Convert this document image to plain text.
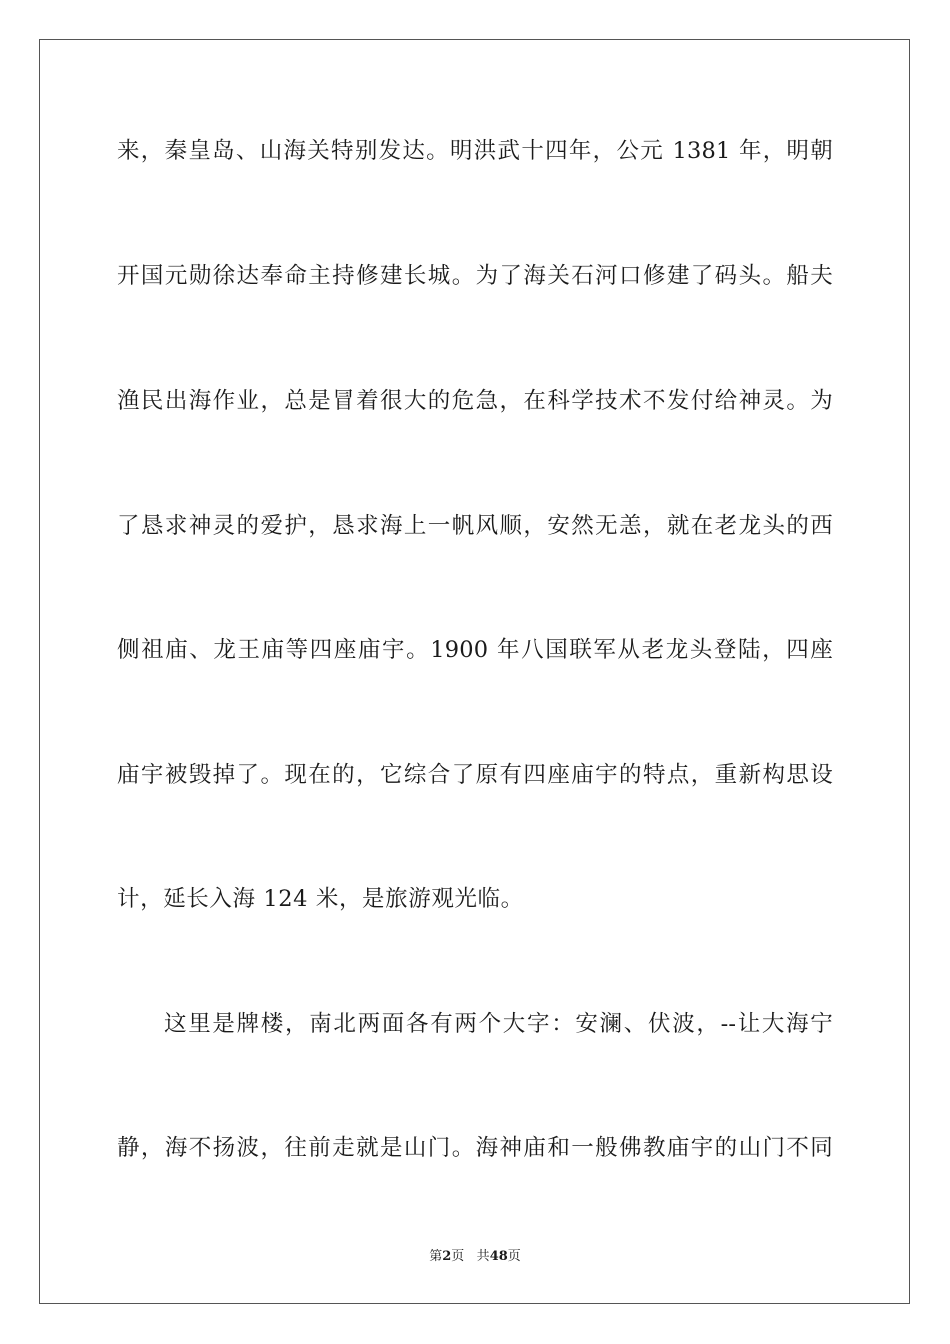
来，秦皇岛、山海关特别发达。明洪武十四年，公元 1381 年，明朝
开国元勋徐达奉命主持修建长城。为了海关石河口修建了码头。船夫
渔民出海作业，总是冒着很大的危急，在科学技术不发付给神灵。为
了恳求神灵的爱护，恳求海上一帆风顺，安然无恙，就在老龙头的西
侧祖庙、龙王庙等四座庙宇。1900 年八国联军从老龙头登陆，四座
庙宇被毁掉了。现在的，它综合了原有四座庙宇的特点，重新构思设
计，延长入海 124 米，是旅游观光临。
这里是牌楼，南北两面各有两个大字：安澜、伏波，--让大海宁
静，海不扬波，往前走就是山门。海神庙和一般佛教庙宇的山门不同
第2页 共48页
